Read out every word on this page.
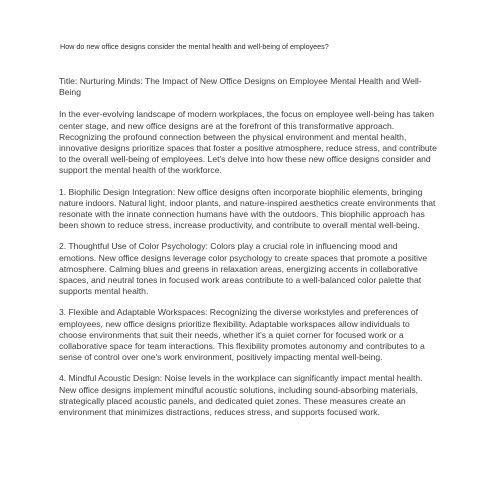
How do new office designs consider the mental health and well-being of employees?

Title: Nurturing Minds: The Impact of New Office Designs on Employee Mental Health and Well-Being

In the ever-evolving landscape of modern workplaces, the focus on employee well-being has taken center stage, and new office designs are at the forefront of this transformative approach. Recognizing the profound connection between the physical environment and mental health, innovative designs prioritize spaces that foster a positive atmosphere, reduce stress, and contribute to the overall well-being of employees. Let's delve into how these new office designs consider and support the mental health of the workforce.

1. Biophilic Design Integration: New office designs often incorporate biophilic elements, bringing nature indoors. Natural light, indoor plants, and nature-inspired aesthetics create environments that resonate with the innate connection humans have with the outdoors. This biophilic approach has been shown to reduce stress, increase productivity, and contribute to overall mental well-being.

2. Thoughtful Use of Color Psychology: Colors play a crucial role in influencing mood and emotions. New office designs leverage color psychology to create spaces that promote a positive atmosphere. Calming blues and greens in relaxation areas, energizing accents in collaborative spaces, and neutral tones in focused work areas contribute to a well-balanced color palette that supports mental health.

3. Flexible and Adaptable Workspaces: Recognizing the diverse workstyles and preferences of employees, new office designs prioritize flexibility. Adaptable workspaces allow individuals to choose environments that suit their needs, whether it's a quiet corner for focused work or a collaborative space for team interactions. This flexibility promotes autonomy and contributes to a sense of control over one's work environment, positively impacting mental well-being.

4. Mindful Acoustic Design: Noise levels in the workplace can significantly impact mental health. New office designs implement mindful acoustic solutions, including sound-absorbing materials, strategically placed acoustic panels, and dedicated quiet zones. These measures create an environment that minimizes distractions, reduces stress, and supports focused work.
